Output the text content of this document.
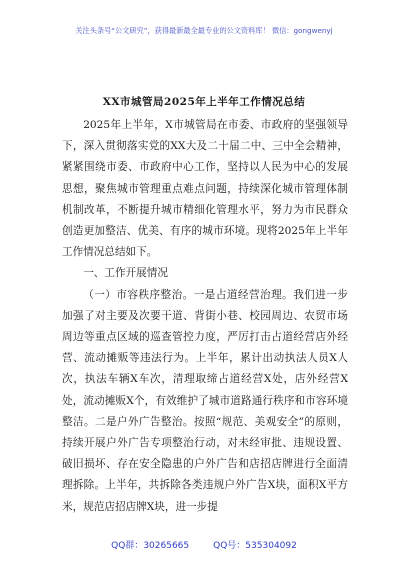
关注头条号“公文研究”，获得最新最全最专业的公文资料库！ 微信：gongwenyj
XX市城管局2025年上半年工作情况总结

2025年上半年，X市城管局在市委、市政府的坚强领导下，深入贯彻落实党的XX大及二十届二中、三中全会精神，紧紧围绕市委、市政府中心工作，坚持以人民为中心的发展思想，聚焦城市管理重点难点问题，持续深化城市管理体制机制改革，不断提升城市精细化管理水平，努力为市民群众创造更加整洁、优美、有序的城市环境。现将2025年上半年工作情况总结如下。

一、工作开展情况

（一）市容秩序整治。一是占道经营治理。我们进一步加强了对主要及次要干道、背街小巷、校园周边、农贸市场周边等重点区域的巡查管控力度，严厉打击占道经营店外经营、流动摊贩等违法行为。上半年，累计出动执法人员X人次，执法车辆X车次，清理取缔占道经营X处，店外经营X处，流动摊贩X个，有效维护了城市道路通行秩序和市容环境整洁。二是户外广告整治。按照“规范、美观安全”的原则，持续开展户外广告专项整治行动，对未经审批、违规设置、破旧损坏、存在安全隐患的户外广告和店招店牌进行全面清理拆除。上半年，共拆除各类违规户外广告X块，面积X平方米，规范店招店牌X块，进一步提

QQ群：30265665	QQ号：535304092
